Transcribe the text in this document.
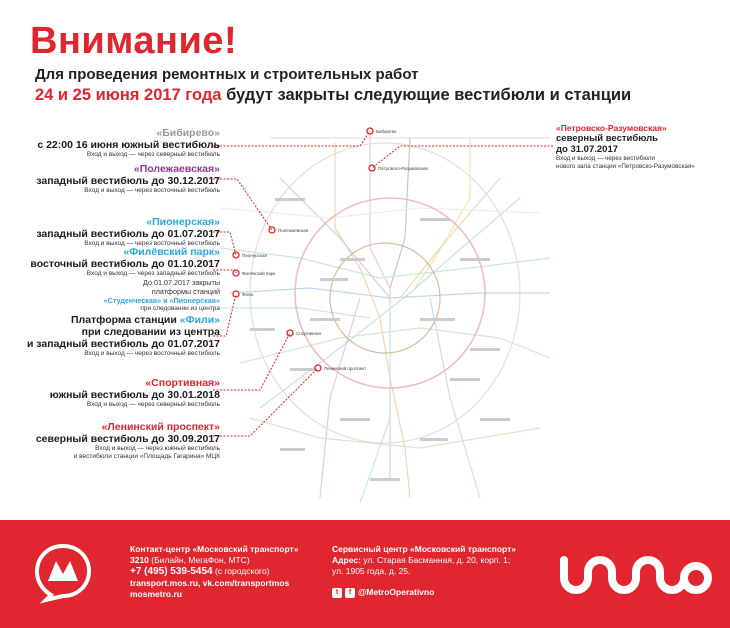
Внимание!
Для проведения ремонтных и строительных работ
24 и 25 июня 2017 года будут закрыты следующие вестибюли и станции
Бибирево
Петровско-Разумовская
Полежаевская
Пионерская
Филёвский парк
Фили
Спортивная
Ленинский проспект
«Бибирево»
с 22:00 16 июня южный вестибюль
Вход и выход — через северный вестибюль
«Полежаевская»
западный вестибюль до 30.12.2017
Вход и выход — через восточный вестибюль
«Пионерская»
западный вестибюль до 01.07.2017
Вход и выход — через восточный вестибюль
«Филёвский парк»
восточный вестибюль до 01.10.2017
Вход и выход — через западный вестибюль
До 01.07.2017 закрыты
платформы станций
«Студенческая» и «Пионерская»
при следовании из центра
Платформа станции «Фили»
при следовании из центра
и западный вестибюль до 01.07.2017
Вход и выход — через восточный вестибюль
«Спортивная»
южный вестибюль до 30.01.2018
Вход и выход — через северный вестибюль
«Ленинский проспект»
северный вестибюль до 30.09.2017
Вход и выход — через южный вестибюль
и вестибюли станции «Площадь Гагарина» МЦК
«Петровско-Разумовская»
северный вестибюль
до 31.07.2017
Вход и выход — через вестибюли
нового зала станции «Петровско-Разумовская»
Контакт-центр «Московский транспорт»
3210 (Билайн, МегаФон, МТС)
+7 (495) 539-5454 (с городского)
transport.mos.ru, vk.com/transportmos
mosmetro.ru
Сервисный центр «Московский транспорт»
Адрес: ул. Старая Басманная, д. 20, корп. 1;
ул. 1905 года, д. 25.
t	f @MetroOperativno
